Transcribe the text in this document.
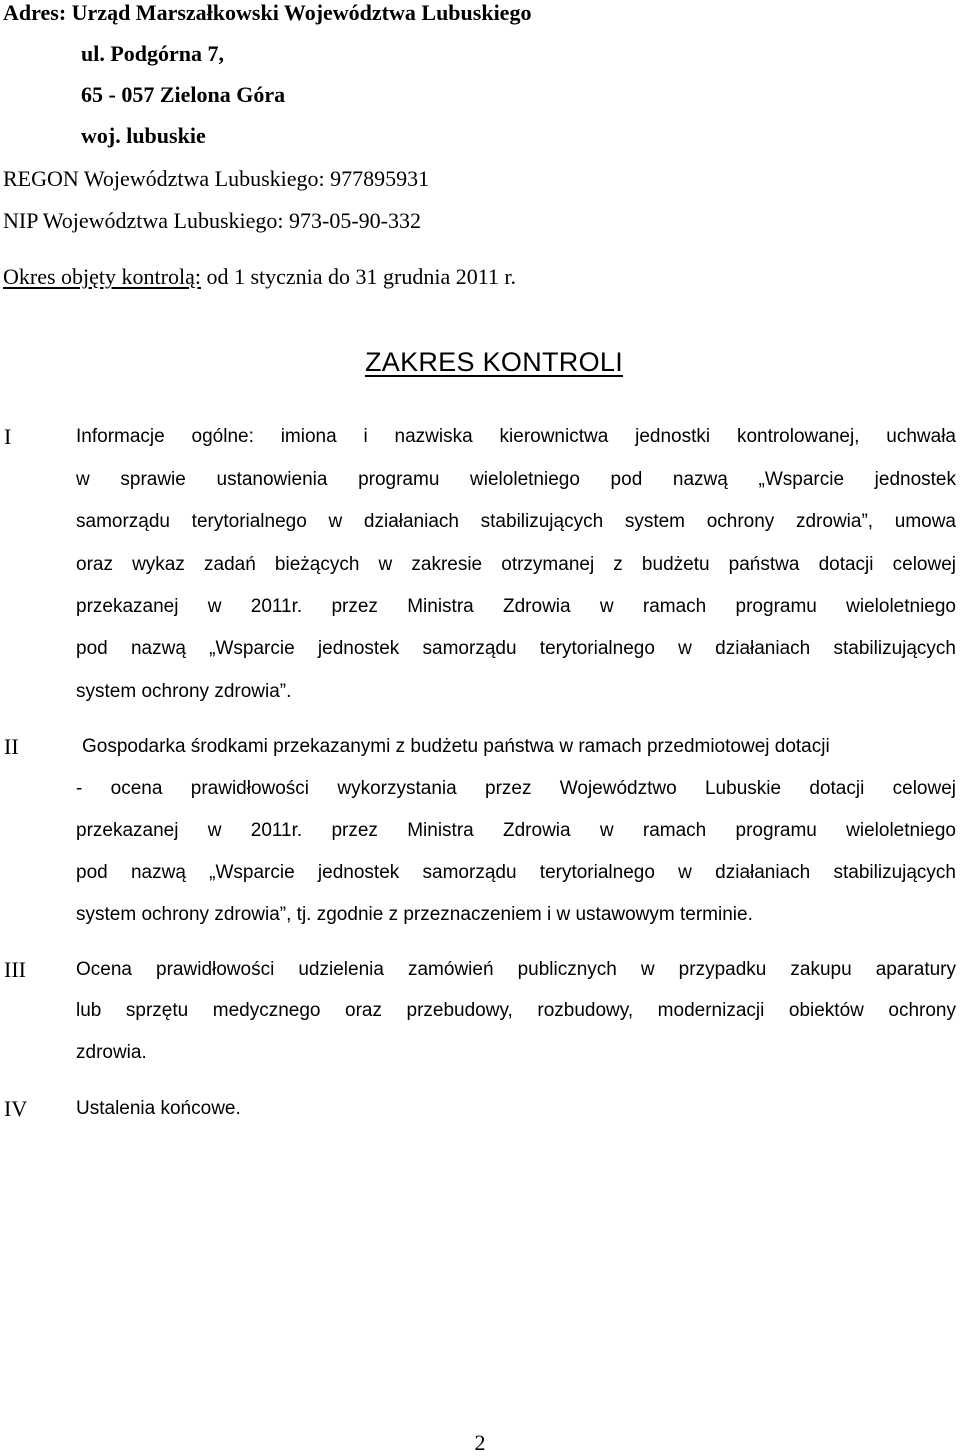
Adres: Urząd Marszałkowski Województwa Lubuskiego
ul. Podgórna 7,
65 - 057 Zielona Góra
woj. lubuskie
REGON Województwa Lubuskiego: 977895931
NIP Województwa Lubuskiego: 973-05-90-332
Okres objęty kontrolą: od 1 stycznia do 31 grudnia 2011 r.
ZAKRES KONTROLI
I	Informacje ogólne: imiona i nazwiska kierownictwa jednostki kontrolowanej, uchwała
w sprawie ustanowienia programu wieloletniego pod nazwą „Wsparcie jednostek
samorządu terytorialnego w działaniach stabilizujących system ochrony zdrowia”, umowa
oraz wykaz zadań bieżących w zakresie otrzymanej z budżetu państwa dotacji celowej
przekazanej w 2011r. przez Ministra Zdrowia w ramach programu wieloletniego
pod nazwą „Wsparcie jednostek samorządu terytorialnego w działaniach stabilizujących
system ochrony zdrowia”.
II	Gospodarka środkami przekazanymi z budżetu państwa w ramach przedmiotowej dotacji
- ocena prawidłowości wykorzystania przez Województwo Lubuskie dotacji celowej
przekazanej w 2011r. przez Ministra Zdrowia w ramach programu wieloletniego
pod nazwą „Wsparcie jednostek samorządu terytorialnego w działaniach stabilizujących
system ochrony zdrowia”, tj. zgodnie z przeznaczeniem i w ustawowym terminie.
III	Ocena prawidłowości udzielenia zamówień publicznych w przypadku zakupu aparatury
lub sprzętu medycznego oraz przebudowy, rozbudowy, modernizacji obiektów ochrony
zdrowia.
IV	Ustalenia końcowe.
2
